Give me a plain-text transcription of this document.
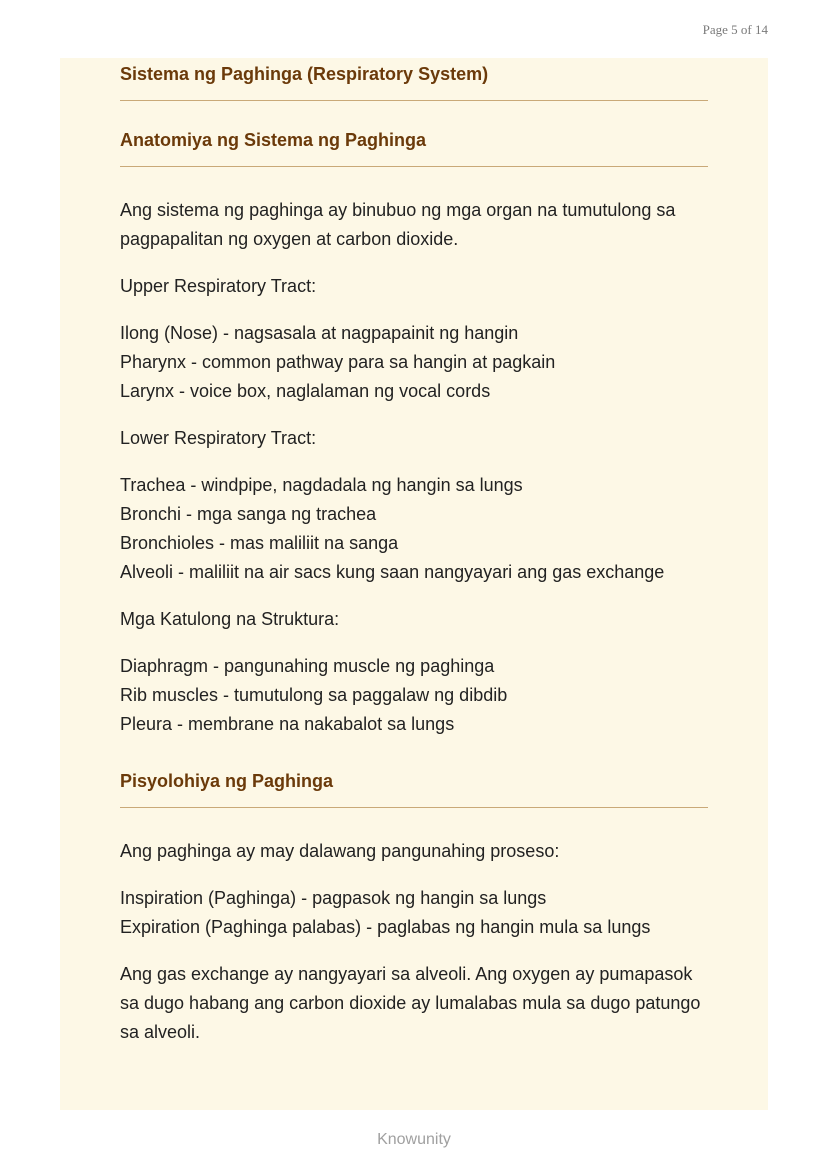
Page 5 of 14
Sistema ng Paghinga (Respiratory System)
Anatomiya ng Sistema ng Paghinga

Ang sistema ng paghinga ay binubuo ng mga organ na tumutulong sa pagpapalitan ng oxygen at carbon dioxide.

Upper Respiratory Tract:

Ilong (Nose) - nagsasala at nagpapainit ng hangin

Pharynx - common pathway para sa hangin at pagkain

Larynx - voice box, naglalaman ng vocal cords

Lower Respiratory Tract:

Trachea - windpipe, nagdadala ng hangin sa lungs

Bronchi - mga sanga ng trachea

Bronchioles - mas maliliit na sanga

Alveoli - maliliit na air sacs kung saan nangyayari ang gas exchange

Mga Katulong na Struktura:

Diaphragm - pangunahing muscle ng paghinga

Rib muscles - tumutulong sa paggalaw ng dibdib

Pleura - membrane na nakabalot sa lungs

Pisyolohiya ng Paghinga

Ang paghinga ay may dalawang pangunahing proseso:

Inspiration (Paghinga) - pagpasok ng hangin sa lungs

Expiration (Paghinga palabas) - paglabas ng hangin mula sa lungs

Ang gas exchange ay nangyayari sa alveoli. Ang oxygen ay pumapasok sa dugo habang ang carbon dioxide ay lumalabas mula sa dugo patungo sa alveoli.

Knowunity
